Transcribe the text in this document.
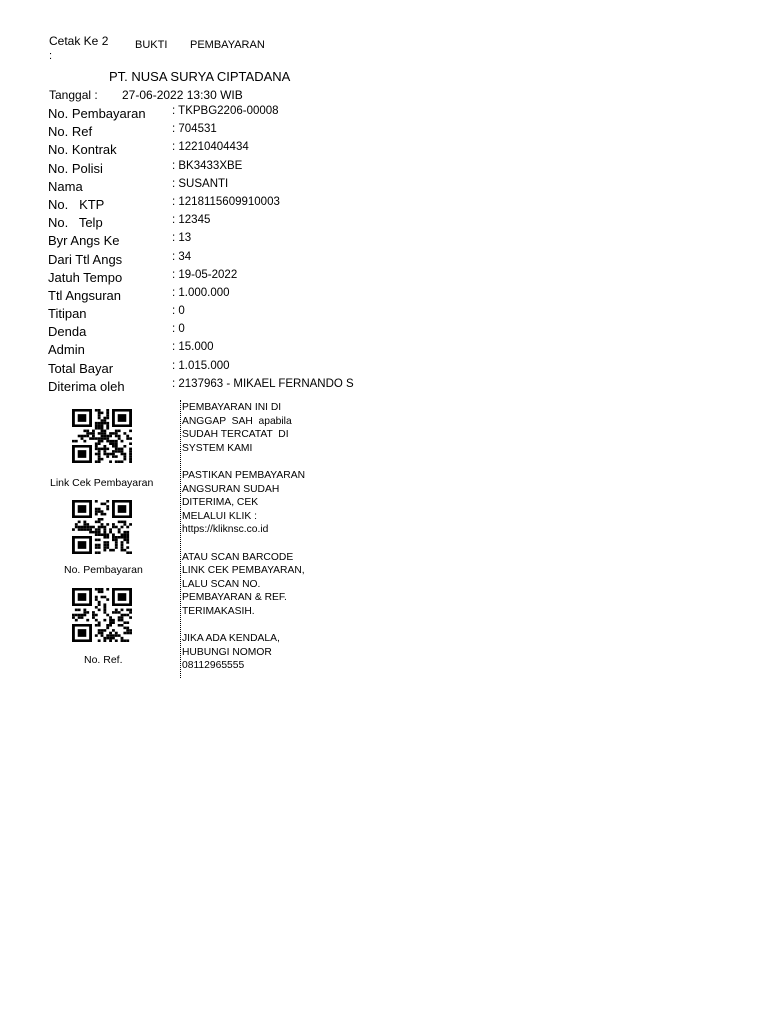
Cetak Ke 2
:
BUKTI PEMBAYARAN
PT. NUSA SURYA CIPTADANA
Tanggal : 27-06-2022 13:30 WIB
No. Pembayaran : TKPBG2206-00008
No. Ref	: 704531
No. Kontrak	: 12210404434
No. Polisi	: BK3433XBE
Nama	: SUSANTI
No.   KTP	: 1218115609910003
No.   Telp	: 12345
Byr Angs Ke	: 13
Dari Ttl Angs	: 34
Jatuh Tempo	: 19-05-2022
Ttl Angsuran	: 1.000.000
Titipan	: 0
Denda	: 0
Admin	: 15.000
Total Bayar	: 1.015.000
Diterima oleh	: 2137963 - MIKAEL FERNANDO S
Link Cek Pembayaran
No. Pembayaran
No. Ref.
PEMBAYARAN INI DI
ANGGAP  SAH  apabila
SUDAH TERCATAT  DI
SYSTEM KAMI
PASTIKAN PEMBAYARAN
ANGSURAN SUDAH
DITERIMA, CEK
MELALUI KLIK :
https://kliknsc.co.id
ATAU SCAN BARCODE
LINK CEK PEMBAYARAN,
LALU SCAN NO.
PEMBAYARAN & REF.
TERIMAKASIH.
JIKA ADA KENDALA,
HUBUNGI NOMOR
08112965555
